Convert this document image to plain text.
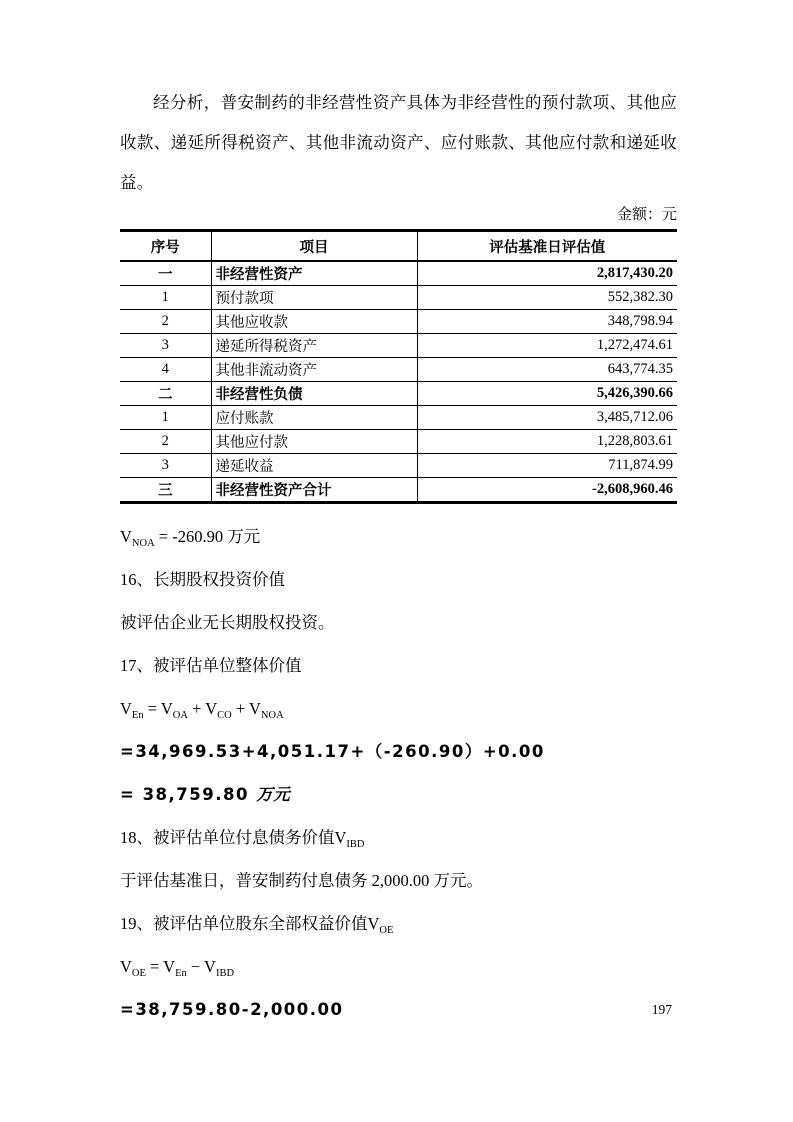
经分析，普安制药的非经营性资产具体为非经营性的预付款项、其他应收款、递延所得税资产、其他非流动资产、应付账款、其他应付款和递延收益。

金额：元
序号	项目	评估基准日评估值
一	非经营性资产	2,817,430.20
1	预付款项	552,382.30
2	其他应收款	348,798.94
3	递延所得税资产	1,272,474.61
4	其他非流动资产	643,774.35
二	非经营性负债	5,426,390.66
1	应付账款	3,485,712.06
2	其他应付款	1,228,803.61
3	递延收益	711,874.99
三	非经营性资产合计	-2,608,960.46
$V_{NOA} = -260.90$ 万元
16、长期股权投资价值
被评估企业无长期股权投资。
17、被评估单位整体价值
$V_{En} = V_{OA} + V_{CO} + V_{NOA}$
=34,969.53+4,051.17+（-260.90）+0.00
= 38,759.80 万元
18、被评估单位付息债务价值$V_{IBD}$
于评估基准日，普安制药付息债务 2,000.00 万元。
19、被评估单位股东全部权益价值$V_{OE}$
$V_{OE} = V_{En} - V_{IBD}$
=38,759.80-2,000.00	197
